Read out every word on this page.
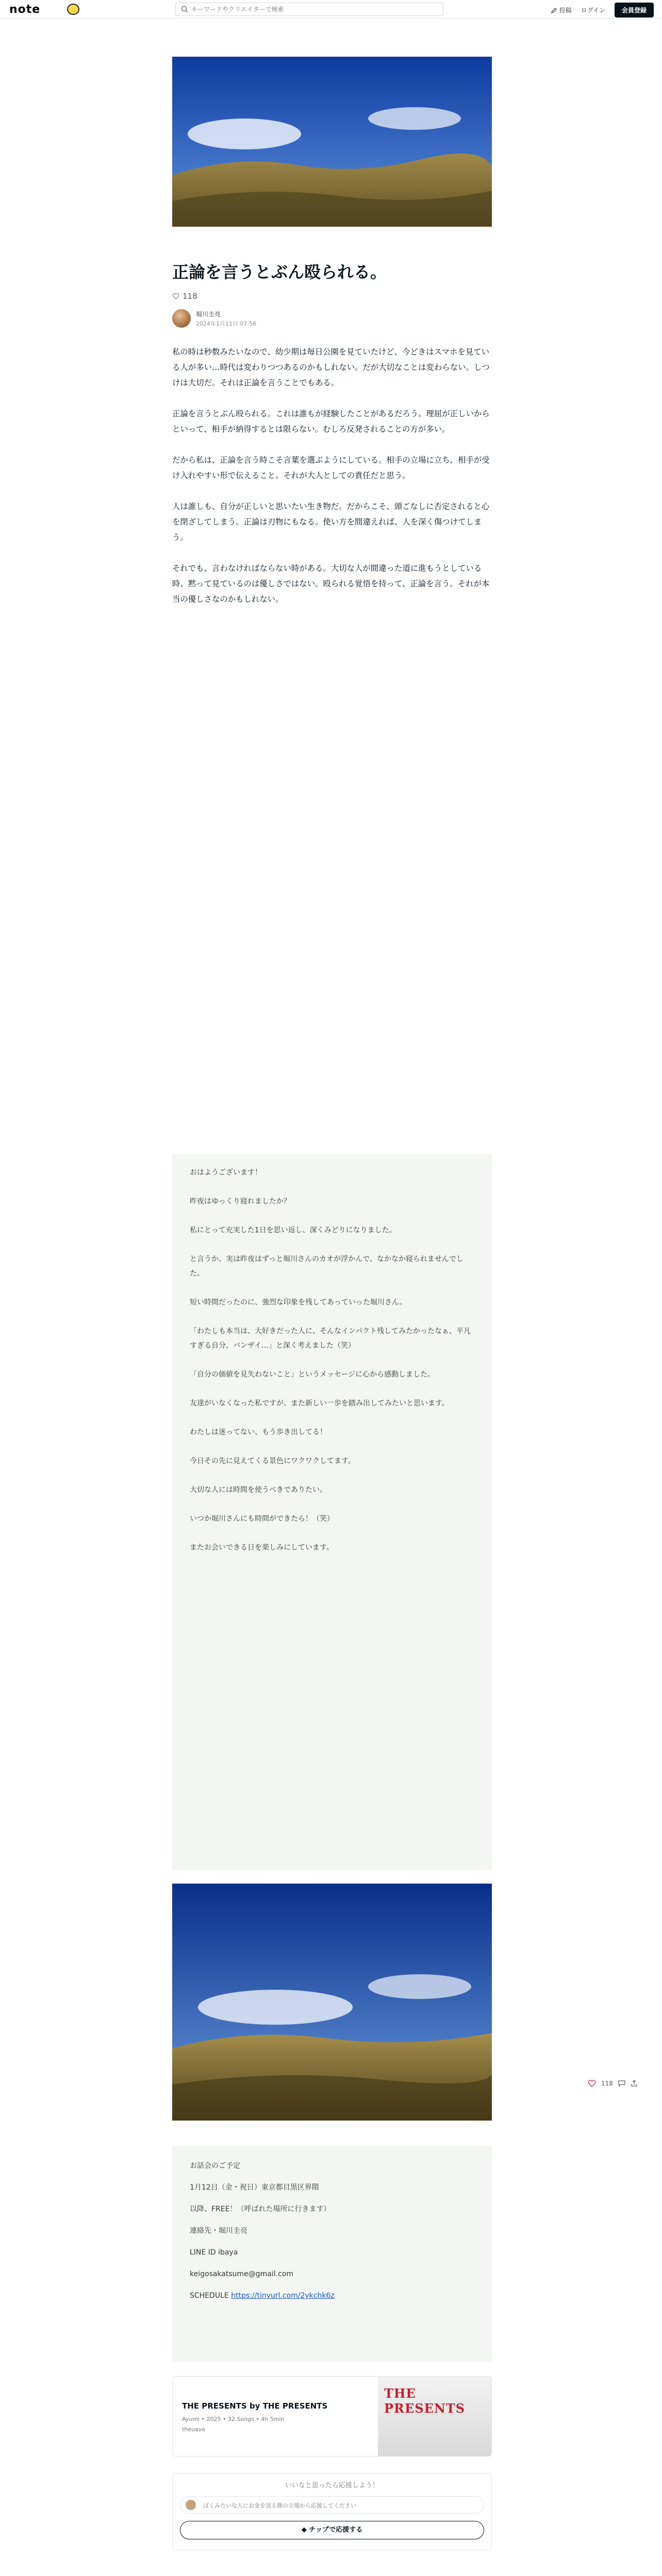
note
キーワードやクリエイターで検索	投稿 ログイン	会員登録
正論を言うとぶん殴られる。
118
堀川圭亮
2024年1月11日 07:56

私の時は秒数みたいなので、幼少期は毎日公園を見ていたけど、今どきはスマホを見ている人が多い…時代は変わりつつあるのかもしれない。だが大切なことは変わらない。しつけは大切だ。それは正論を言うことでもある。

正論を言うとぶん殴られる。これは誰もが経験したことがあるだろう。理屈が正しいからといって、相手が納得するとは限らない。むしろ反発されることの方が多い。

だから私は、正論を言う時こそ言葉を選ぶようにしている。相手の立場に立ち、相手が受け入れやすい形で伝えること。それが大人としての責任だと思う。

人は誰しも、自分が正しいと思いたい生き物だ。だからこそ、頭ごなしに否定されると心を閉ざしてしまう。正論は刃物にもなる。使い方を間違えれば、人を深く傷つけてしまう。

それでも、言わなければならない時がある。大切な人が間違った道に進もうとしている時、黙って見ているのは優しさではない。殴られる覚悟を持って、正論を言う。それが本当の優しさなのかもしれない。

おはようございます！

昨夜はゆっくり寝れましたか？

私にとって充実した1日を思い返し、深くみどりになりました。

と言うか、実は昨夜はずっと堀川さんのカオが浮かんで、なかなか寝られませんでした。

短い時間だったのに、強烈な印象を残してあっていった堀川さん。

「わたしも本当は、大好きだった人に、そんなインパクト残してみたかったなぁ、平凡すぎる自分、バンザイ…」と深く考えました（笑）

「自分の価値を見失わないこと」というメッセージに心から感動しました。

友達がいなくなった私ですが、また新しい一歩を踏み出してみたいと思います。

わたしは迷ってない、もう歩き出してる！

今日その先に見えてくる景色にワクワクしてます。

大切な人には時間を使うべきでありたい。

いつか堀川さんにも時間ができたら！（笑）

またお会いできる日を楽しみにしています。

お話会のご予定

1月12日（金・祝日）東京都目黒区界隈

以降、FREE！（呼ばれた場所に行きます）

連絡先・堀川圭亮

LINE ID ibaya

keigosakatsume@gmail.com

SCHEDULE https://tinyurl.com/2ykchk6z

THE PRESENTS by THE PRESENTS
Ayumi • 2025 • 32 Songs • 4h 5min
theuave
THE PRESENTS
いいなと思ったら応援しよう！
ぼくみたいな人にお金を送る側の立場から応援してください
◆ チップで応援する
118
